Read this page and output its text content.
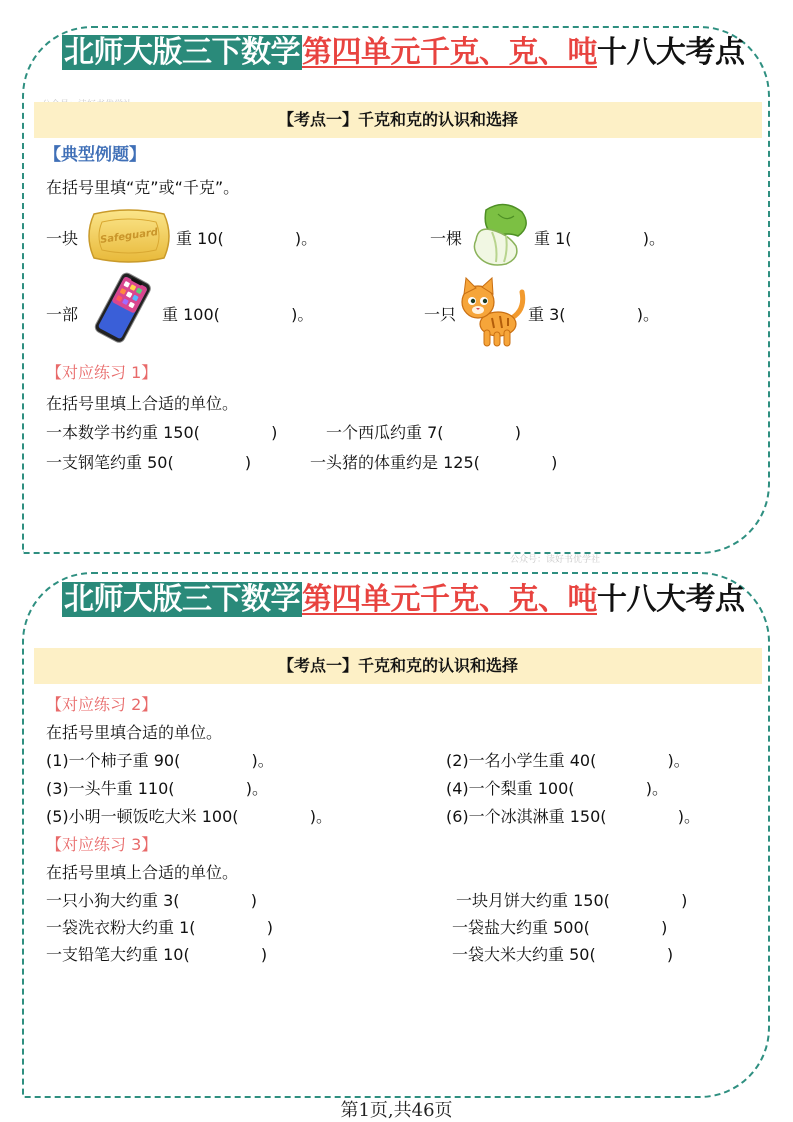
北师大版三下数学第四单元千克、克、吨十八大考点
【考点一】千克和克的认识和选择
【典型例题】
在括号里填“克”或“千克”。
一块 Safeguard 重 10(              )。	一棵	重 1(              )。
一部	重 100(              )。	一只	重 3(              )。
【对应练习 1】
在括号里填上合适的单位。
一本数学书约重 150(              )	一个西瓜约重 7(              )
一支钢笔约重 50(              )	一头猪的体重约是 125(              )
公众号：读好书优学社
北师大版三下数学第四单元千克、克、吨十八大考点
【考点一】千克和克的认识和选择
【对应练习 2】
在括号里填合适的单位。
(1)一个柿子重 90(              )。	(2)一名小学生重 40(              )。
(3)一头牛重 110(              )。	(4)一个梨重 100(              )。
(5)小明一顿饭吃大米 100(              )。	(6)一个冰淇淋重 150(              )。
【对应练习 3】
在括号里填上合适的单位。
一只小狗大约重 3(              )	一块月饼大约重 150(              )
一袋洗衣粉大约重 1(              )	一袋盐大约重 500(              )
一支铅笔大约重 10(              )	一袋大米大约重 50(              )
第1页,共46页
